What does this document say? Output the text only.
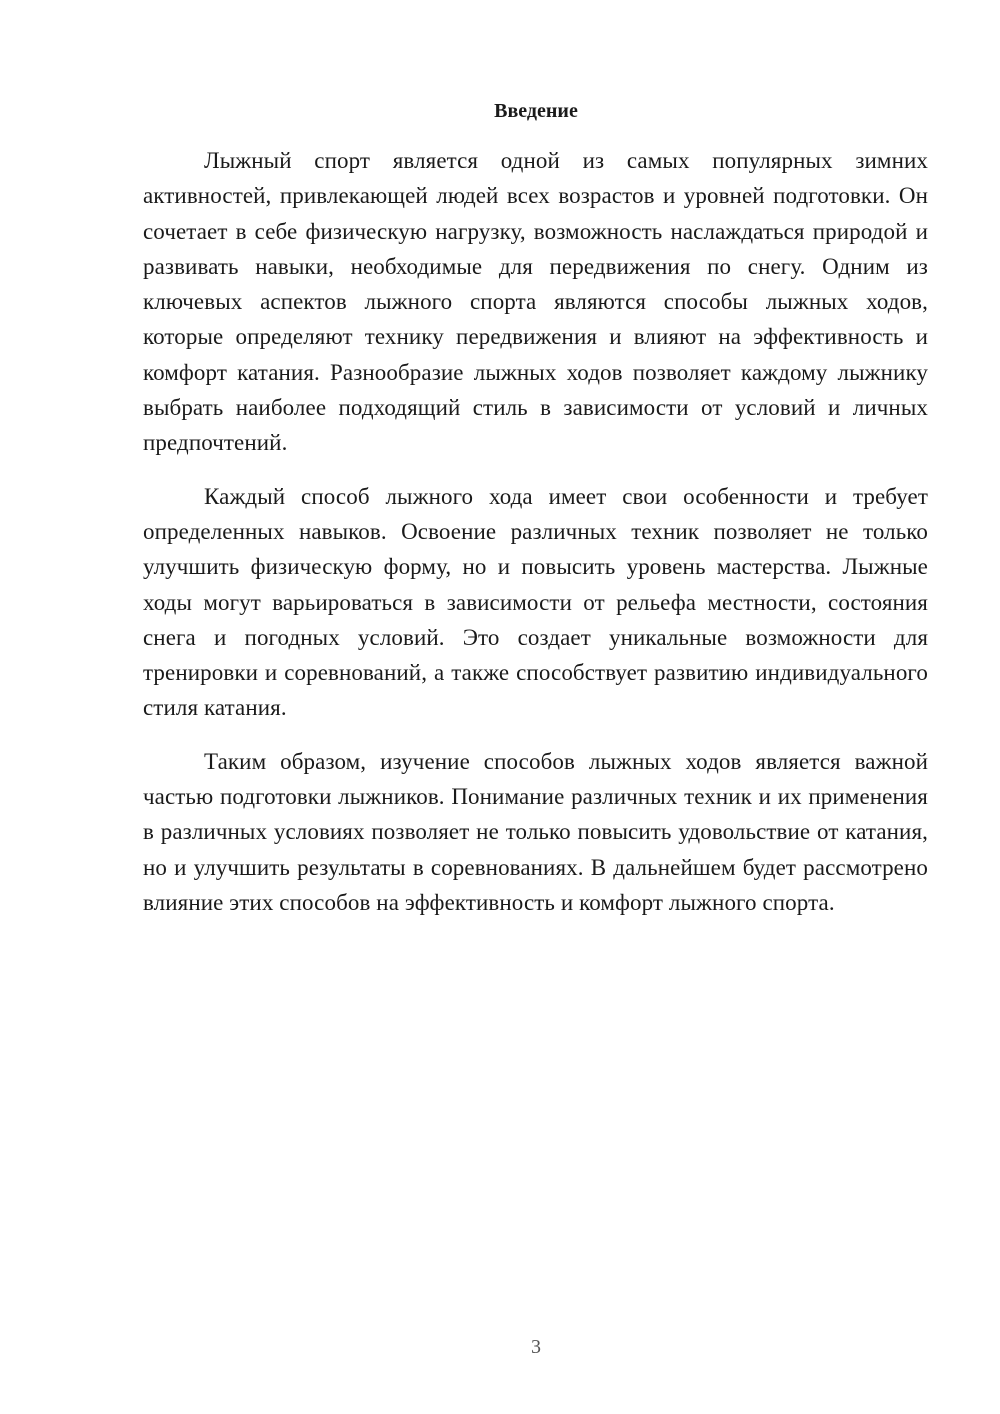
Введение

Лыжный спорт является одной из самых популярных зимних активностей, привлекающей людей всех возрастов и уровней подготовки. Он сочетает в себе физическую нагрузку, возможность наслаждаться природой и развивать навыки, необходимые для передвижения по снегу. Одним из ключевых аспектов лыжного спорта являются способы лыжных ходов, которые определяют технику передвижения и влияют на эффективность и комфорт катания. Разнообразие лыжных ходов позволяет каждому лыжнику выбрать наиболее подходящий стиль в зависимости от условий и личных предпочтений.

Каждый способ лыжного хода имеет свои особенности и требует определенных навыков. Освоение различных техник позволяет не только улучшить физическую форму, но и повысить уровень мастерства. Лыжные ходы могут варьироваться в зависимости от рельефа местности, состояния снега и погодных условий. Это создает уникальные возможности для тренировки и соревнований, а также способствует развитию индивидуального стиля катания.

Таким образом, изучение способов лыжных ходов является важной частью подготовки лыжников. Понимание различных техник и их применения в различных условиях позволяет не только повысить удовольствие от катания, но и улучшить результаты в соревнованиях. В дальнейшем будет рассмотрено влияние этих способов на эффективность и комфорт лыжного спорта.

3
